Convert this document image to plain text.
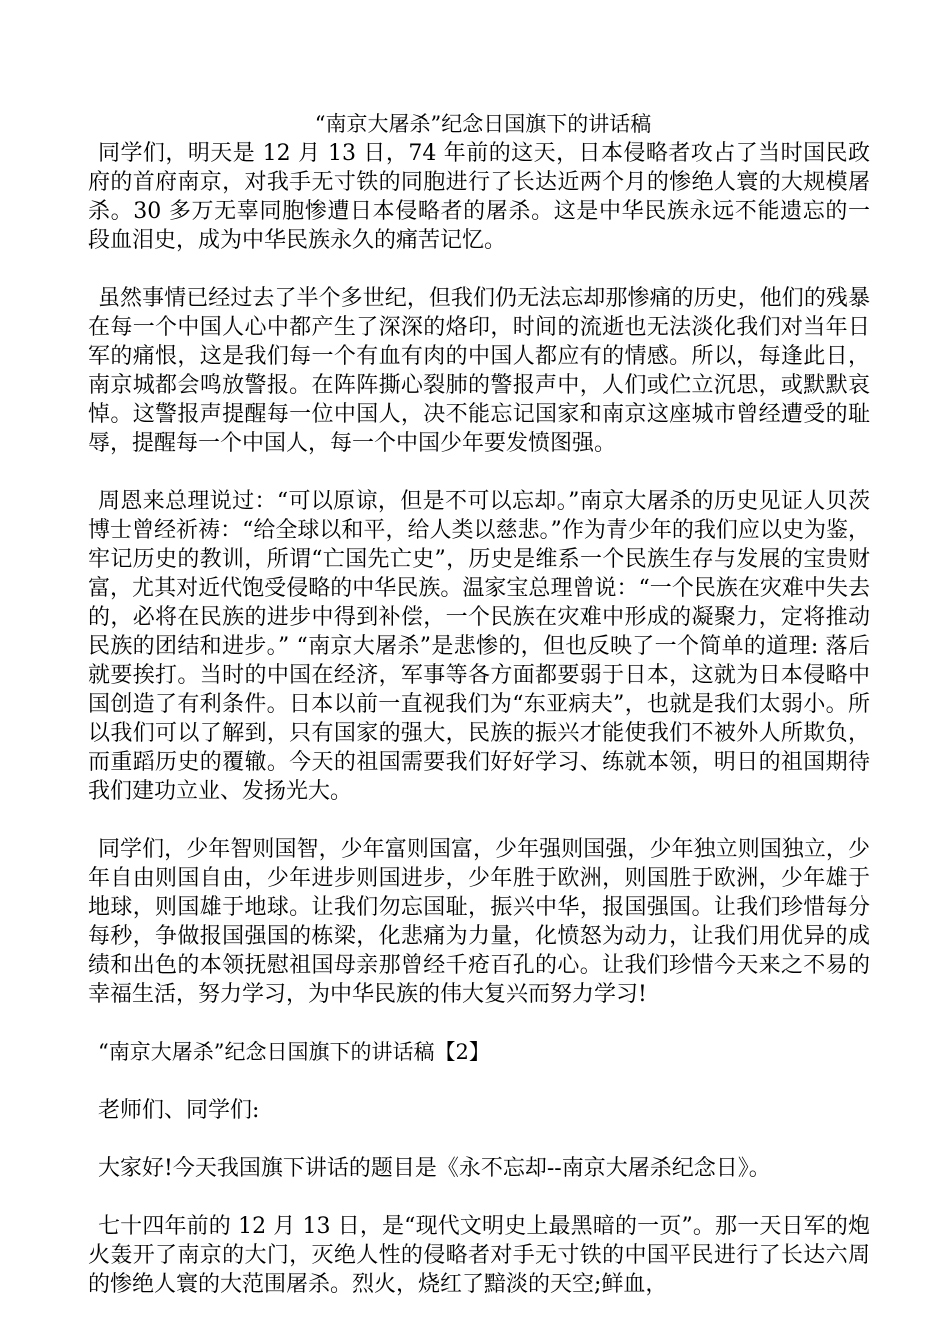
“南京大屠杀”纪念日国旗下的讲话稿

同学们，明天是 12 月 13 日，74 年前的这天，日本侵略者攻占了当时国民政府的首府南京，对我手无寸铁的同胞进行了长达近两个月的惨绝人寰的大规模屠杀。30 多万无辜同胞惨遭日本侵略者的屠杀。这是中华民族永远不能遗忘的一段血泪史，成为中华民族永久的痛苦记忆。

虽然事情已经过去了半个多世纪，但我们仍无法忘却那惨痛的历史，他们的残暴在每一个中国人心中都产生了深深的烙印，时间的流逝也无法淡化我们对当年日军的痛恨，这是我们每一个有血有肉的中国人都应有的情感。所以，每逢此日，南京城都会鸣放警报。在阵阵撕心裂肺的警报声中，人们或伫立沉思，或默默哀悼。这警报声提醒每一位中国人，决不能忘记国家和南京这座城市曾经遭受的耻辱，提醒每一个中国人，每一个中国少年要发愤图强。

周恩来总理说过：“可以原谅，但是不可以忘却。”南京大屠杀的历史见证人贝茨博士曾经祈祷：“给全球以和平，给人类以慈悲。”作为青少年的我们应以史为鉴，牢记历史的教训，所谓“亡国先亡史”，历史是维系一个民族生存与发展的宝贵财富，尤其对近代饱受侵略的中华民族。温家宝总理曾说：“一个民族在灾难中失去的，必将在民族的进步中得到补偿，一个民族在灾难中形成的凝聚力，定将推动民族的团结和进步。” “南京大屠杀”是悲惨的，但也反映了一个简单的道理: 落后就要挨打。当时的中国在经济，军事等各方面都要弱于日本，这就为日本侵略中国创造了有利条件。日本以前一直视我们为“东亚病夫”，也就是我们太弱小。所以我们可以了解到，只有国家的强大，民族的振兴才能使我们不被外人所欺负，而重蹈历史的覆辙。今天的祖国需要我们好好学习、练就本领，明日的祖国期待我们建功立业、发扬光大。

同学们，少年智则国智，少年富则国富，少年强则国强，少年独立则国独立，少年自由则国自由，少年进步则国进步，少年胜于欧洲，则国胜于欧洲，少年雄于地球，则国雄于地球。让我们勿忘国耻，振兴中华，报国强国。让我们珍惜每分每秒，争做报国强国的栋梁，化悲痛为力量，化愤怒为动力，让我们用优异的成绩和出色的本领抚慰祖国母亲那曾经千疮百孔的心。让我们珍惜今天来之不易的幸福生活，努力学习，为中华民族的伟大复兴而努力学习!

“南京大屠杀”纪念日国旗下的讲话稿【2】

老师们、同学们:

大家好!今天我国旗下讲话的题目是《永不忘却--南京大屠杀纪念日》。

七十四年前的 12 月 13 日，是“现代文明史上最黑暗的一页”。那一天日军的炮火轰开了南京的大门，灭绝人性的侵略者对手无寸铁的中国平民进行了长达六周的惨绝人寰的大范围屠杀。烈火，烧红了黯淡的天空;鲜血，
